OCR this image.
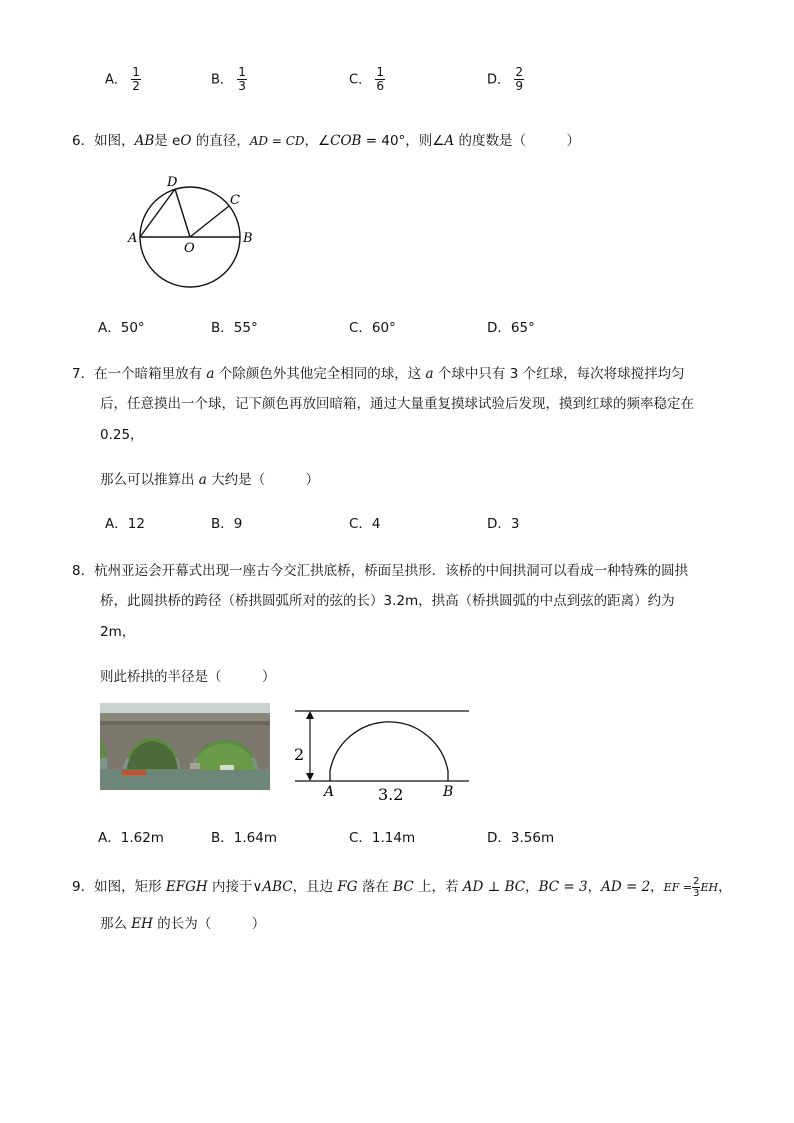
A． $\frac{1}{2}$	B． $\frac{1}{3}$	C． $\frac{1}{6}$	D． $\frac{2}{9}$
6．如图，AB是 eO 的直径，AD = CD，∠COB = 40°，则∠A 的度数是（　　　）
A	B
C
D
O
A．50°	B．55°	C．60°	D．65°
7．在一个暗箱里放有 a 个除颜色外其他完全相同的球，这 a 个球中只有 3 个红球，每次将球搅拌均匀
后，任意摸出一个球，记下颜色再放回暗箱，通过大量重复摸球试验后发现，摸到红球的频率稳定在
0.25，
那么可以推算出 a 大约是（　　　）
A．12	B．9	C．4	D．3
8．杭州亚运会开幕式出现一座古今交汇拱底桥，桥面呈拱形．该桥的中间拱洞可以看成一种特殊的圆拱
桥，此圆拱桥的跨径（桥拱圆弧所对的弦的长）3.2m，拱高（桥拱圆弧的中点到弦的距离）约为
2m，
则此桥拱的半径是（　　　）
2
A	3.2	B
A．1.62m	B．1.64m	C．1.14m	D．3.56m
9．如图，矩形 EFGH 内接于∨ABC，且边 FG 落在 BC 上，若 AD ⊥ BC，BC = 3，AD = 2，EF = $\frac{2}{3}$ EH，
那么 EH 的长为（　　　）
